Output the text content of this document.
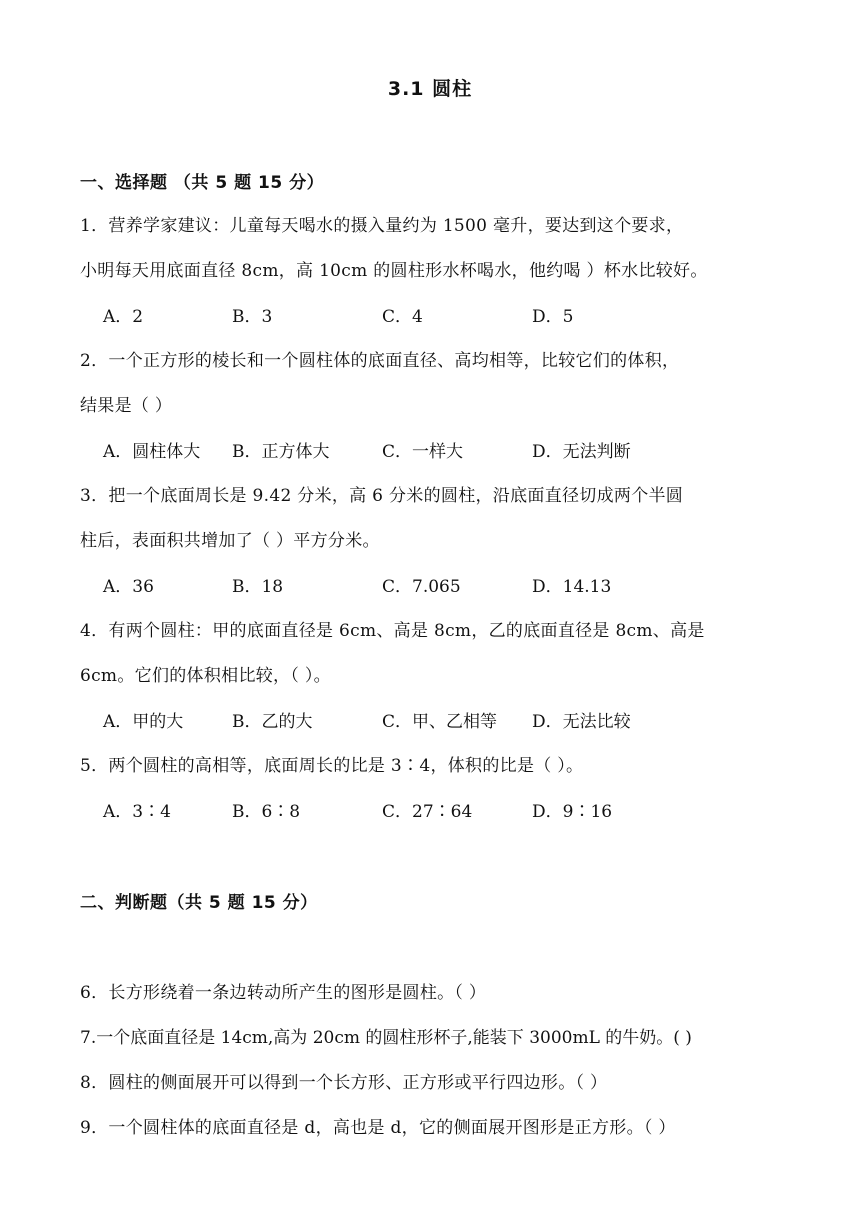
3.1 圆柱
一、选择题 （共 5 题 15 分）
1．营养学家建议：儿童每天喝水的摄入量约为 1500 毫升，要达到这个要求，
小明每天用底面直径 8cm，高 10cm 的圆柱形水杯喝水，他约喝 ）杯水比较好。
A．2	B．3	C．4	D．5
2．一个正方形的棱长和一个圆柱体的底面直径、高均相等，比较它们的体积，
结果是（ ）
A．圆柱体大 B．正方体大	C．一样大	D．无法判断
3．把一个底面周长是 9.42 分米，高 6 分米的圆柱，沿底面直径切成两个半圆
柱后，表面积共增加了（ ）平方分米。
A．36	B．18	C．7.065	D．14.13
4．有两个圆柱：甲的底面直径是 6cm、高是 8cm，乙的底面直径是 8cm、高是
6cm。它们的体积相比较，（ ）。
A．甲的大	B．乙的大	C．甲、乙相等 D．无法比较
5．两个圆柱的高相等，底面周长的比是 3∶4，体积的比是（ ）。
A．3∶4	B．6∶8	C．27∶64	D．9∶16
二、判断题（共 5 题 15 分）
6．长方形绕着一条边转动所产生的图形是圆柱。（ ）
7.一个底面直径是 14cm,高为 20cm 的圆柱形杯子,能装下 3000mL 的牛奶。( )
8．圆柱的侧面展开可以得到一个长方形、正方形或平行四边形。（ ）
9．一个圆柱体的底面直径是 d，高也是 d，它的侧面展开图形是正方形。（ ）
